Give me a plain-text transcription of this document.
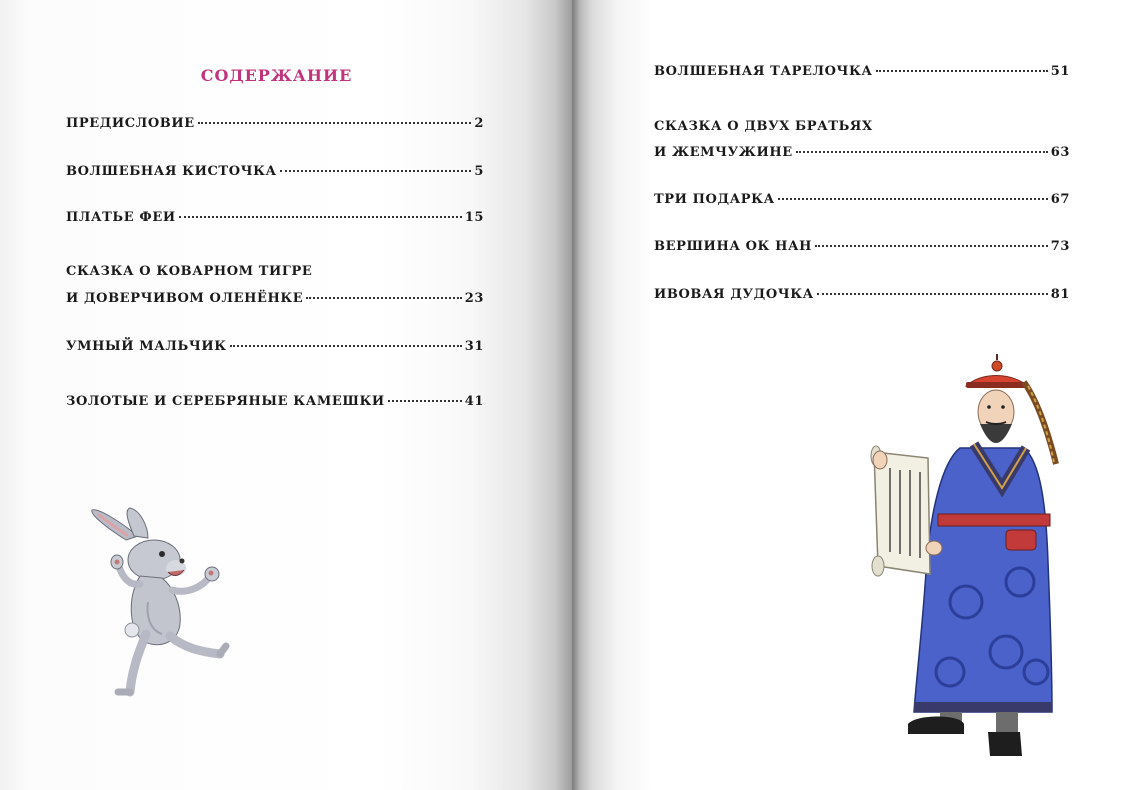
СОДЕРЖАНИЕ
ПРЕДИСЛОВИЕ	2
ВОЛШЕБНАЯ КИСТОЧКА	5
ПЛАТЬЕ ФЕИ	15
СКАЗКА О КОВАРНОМ ТИГРЕ
И ДОВЕРЧИВОМ ОЛЕНЁНКЕ	23
УМНЫЙ МАЛЬЧИК	31
ЗОЛОТЫЕ И СЕРЕБРЯНЫЕ КАМЕШКИ	41
ВОЛШЕБНАЯ ТАРЕЛОЧКА	51
СКАЗКА О ДВУХ БРАТЬЯХ
И ЖЕМЧУЖИНЕ	63
ТРИ ПОДАРКА	67
ВЕРШИНА ОК НАН	73
ИВОВАЯ ДУДОЧКА	81
